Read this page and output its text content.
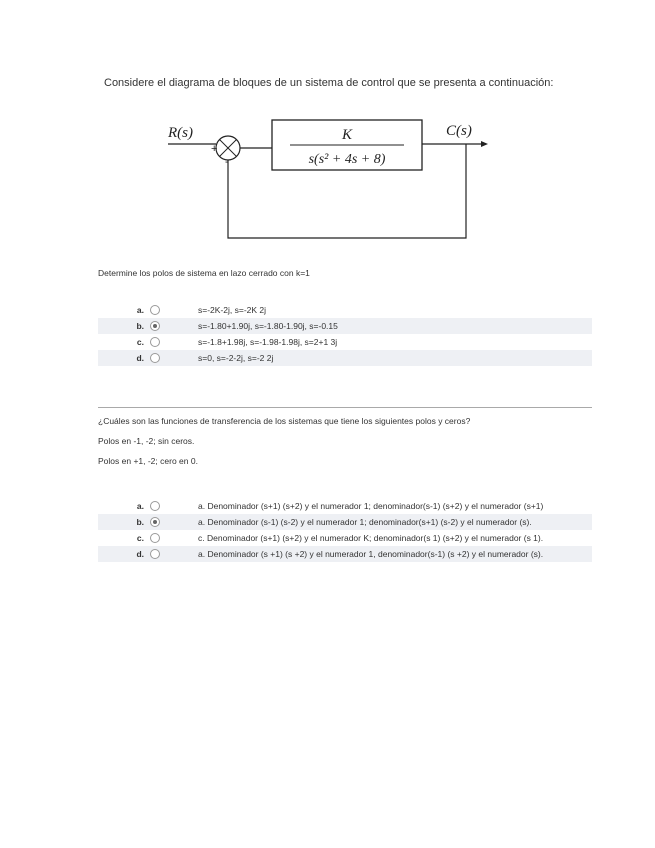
Considere el diagrama de bloques de un sistema de control que se presenta a continuación:
R(s)
+
-
K
s(s² + 4s + 8)
C(s)
Determine los polos de sistema en lazo cerrado con k=1
a.	s=-2K-2j, s=-2K 2j
b.	s=-1.80+1.90j, s=-1.80-1.90j, s=-0.15
c.	s=-1.8+1.98j, s=-1.98-1.98j, s=2+1 3j
d.	s=0, s=-2-2j, s=-2 2j
¿Cuáles son las funciones de transferencia de los sistemas que tiene los siguientes polos y ceros?
Polos en -1, -2; sin ceros.
Polos en +1, -2; cero en 0.
a.	a. Denominador (s+1) (s+2) y el numerador 1; denominador(s-1) (s+2) y el numerador (s+1)
b.	a. Denominador (s-1) (s-2) y el numerador 1; denominador(s+1) (s-2) y el numerador (s).
c.	c. Denominador (s+1) (s+2) y el numerador K; denominador(s 1) (s+2) y el numerador (s 1).
d.	a. Denominador (s +1) (s +2) y el numerador 1, denominador(s-1) (s +2) y el numerador (s).
